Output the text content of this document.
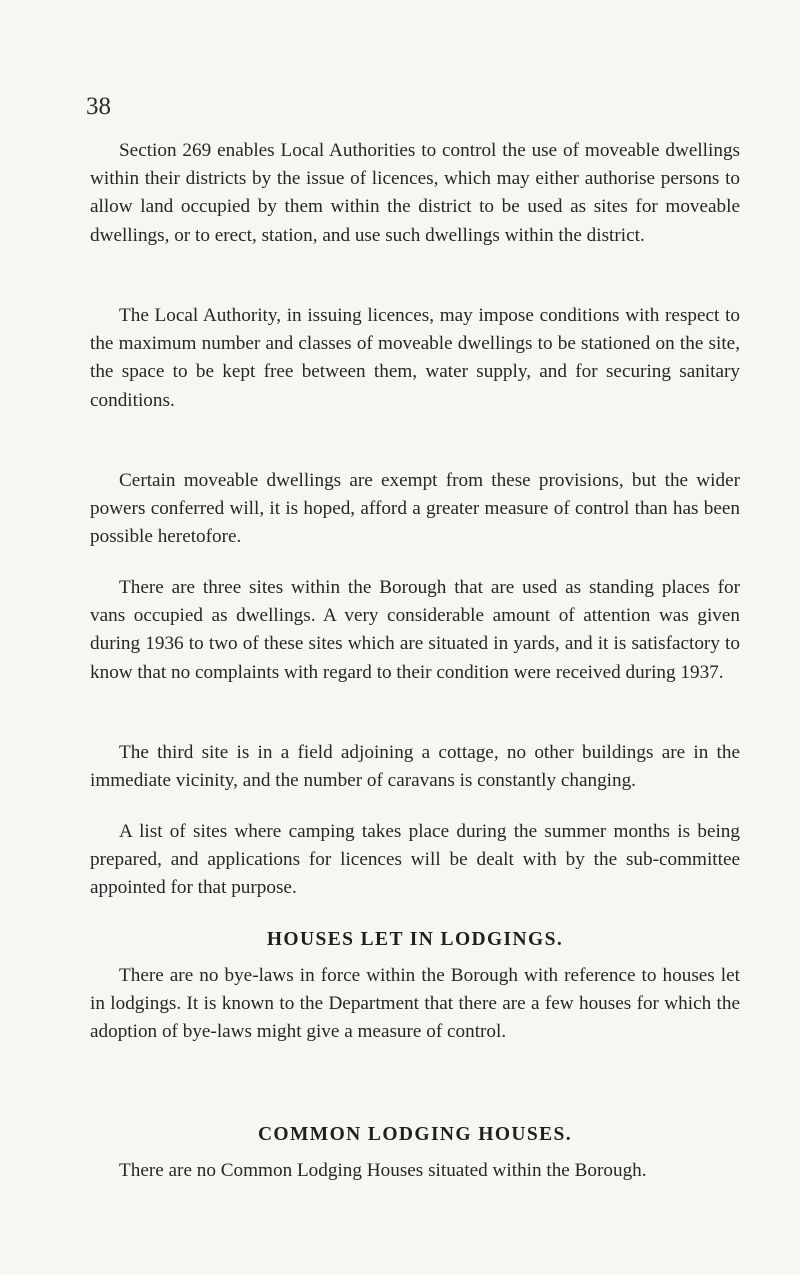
38

Section 269 enables Local Authorities to control the use of moveable dwellings within their districts by the issue of licences, which may either authorise persons to allow land occupied by them within the district to be used as sites for moveable dwellings, or to erect, station, and use such dwellings within the district.

The Local Authority, in issuing licences, may impose conditions with respect to the maximum number and classes of moveable dwellings to be stationed on the site, the space to be kept free between them, water supply, and for securing sanitary conditions.

Certain moveable dwellings are exempt from these provisions, but the wider powers conferred will, it is hoped, afford a greater measure of control than has been possible heretofore.

There are three sites within the Borough that are used as standing places for vans occupied as dwellings. A very considerable amount of attention was given during 1936 to two of these sites which are situated in yards, and it is satisfactory to know that no complaints with regard to their condition were received during 1937.

The third site is in a field adjoining a cottage, no other buildings are in the immediate vicinity, and the number of caravans is constantly changing.

A list of sites where camping takes place during the summer months is being prepared, and applications for licences will be dealt with by the sub-committee appointed for that purpose.

HOUSES LET IN LODGINGS.

There are no bye-laws in force within the Borough with reference to houses let in lodgings. It is known to the Department that there are a few houses for which the adoption of bye-laws might give a measure of control.

COMMON LODGING HOUSES.

There are no Common Lodging Houses situated within the Borough.
